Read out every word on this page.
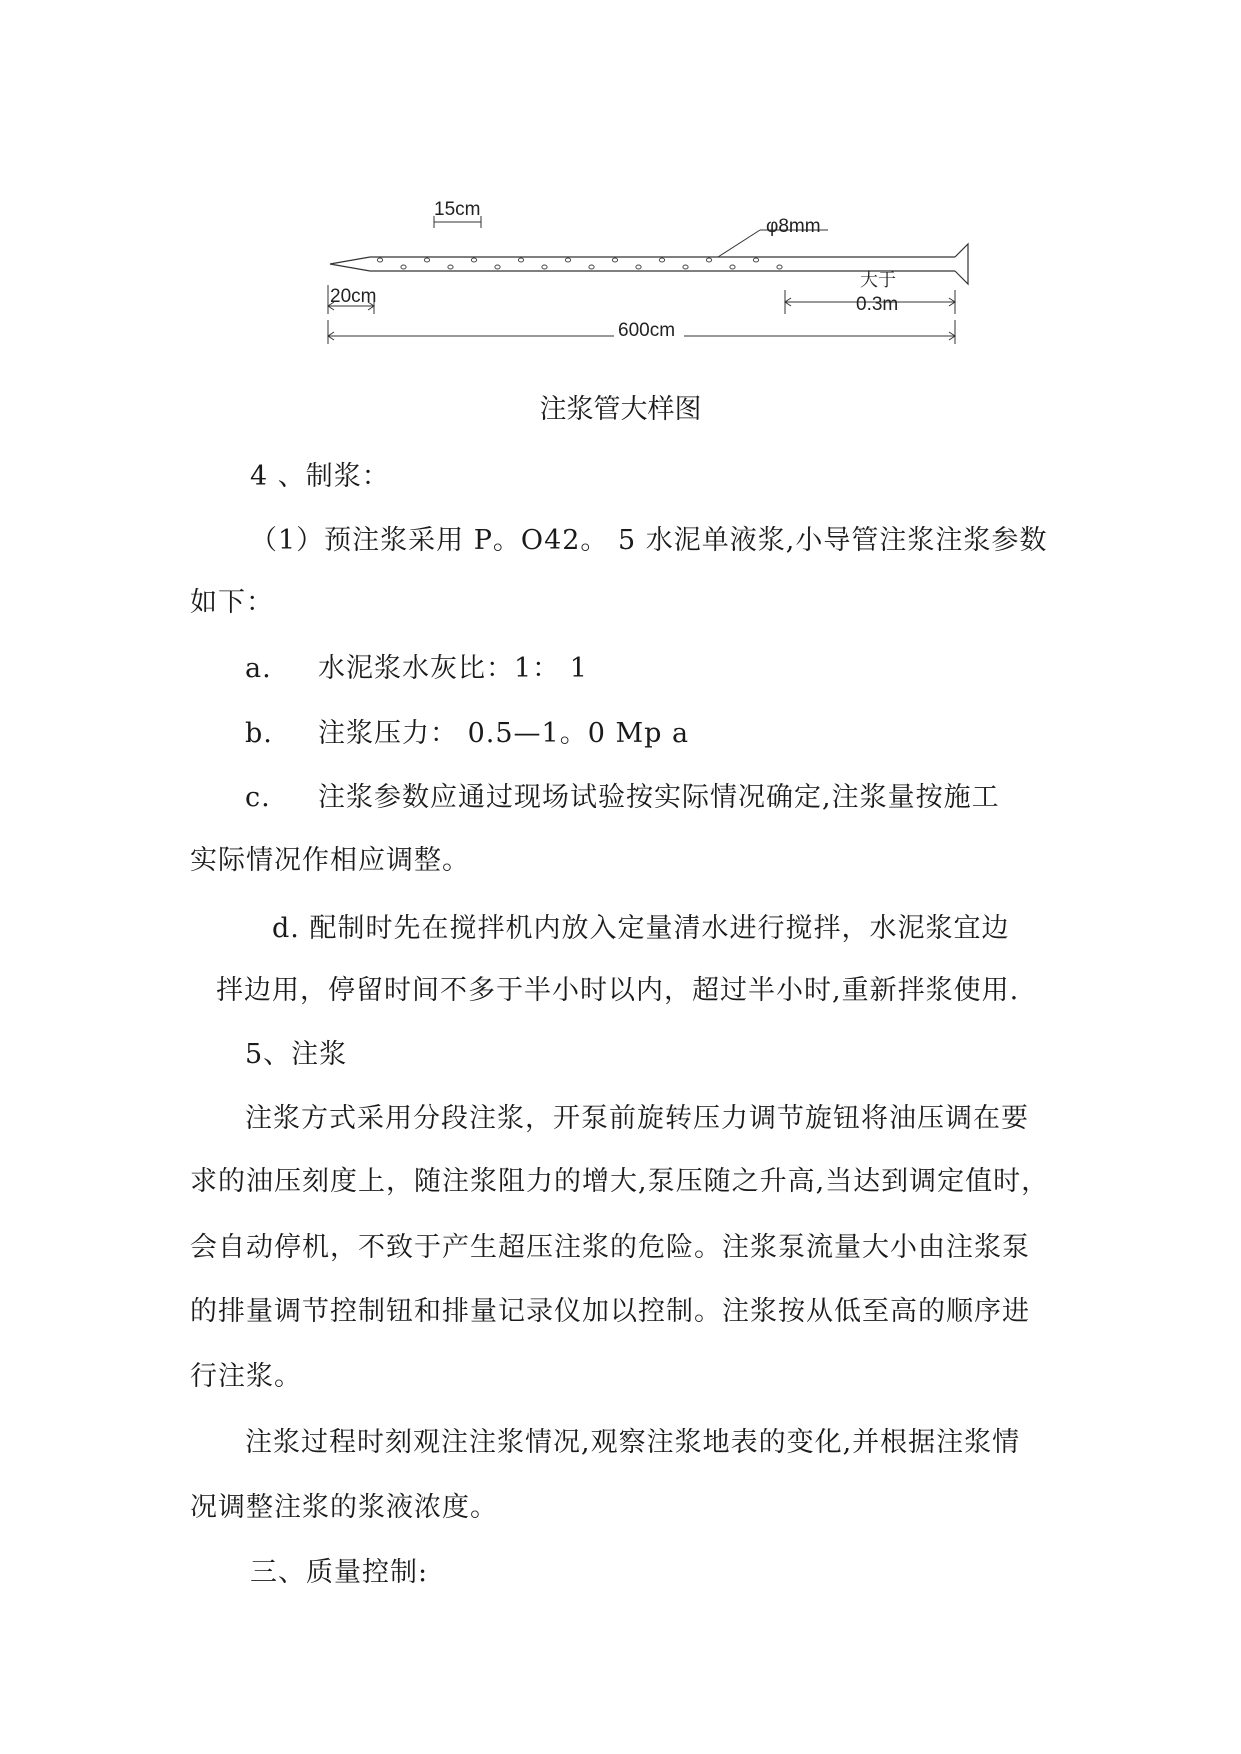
15cm
φ8mm
20cm
大于
0.3m
600cm
注浆管大样图
4 、制浆：
（1）预注浆采用 P。O42。 5 水泥单液浆,小导管注浆注浆参数
如下：
a. 水泥浆水灰比：1： 1
b. 注浆压力： 0.5—1。0 Mp a
c. 注浆参数应通过现场试验按实际情况确定,注浆量按施工
实际情况作相应调整。
d. 配制时先在搅拌机内放入定量清水进行搅拌，水泥浆宜边
拌边用，停留时间不多于半小时以内，超过半小时,重新拌浆使用.
5、注浆
注浆方式采用分段注浆，开泵前旋转压力调节旋钮将油压调在要
求的油压刻度上，随注浆阻力的增大,泵压随之升高,当达到调定值时，
会自动停机，不致于产生超压注浆的危险。注浆泵流量大小由注浆泵
的排量调节控制钮和排量记录仪加以控制。注浆按从低至高的顺序进
行注浆。
注浆过程时刻观注注浆情况,观察注浆地表的变化,并根据注浆情
况调整注浆的浆液浓度。
三、质量控制:
